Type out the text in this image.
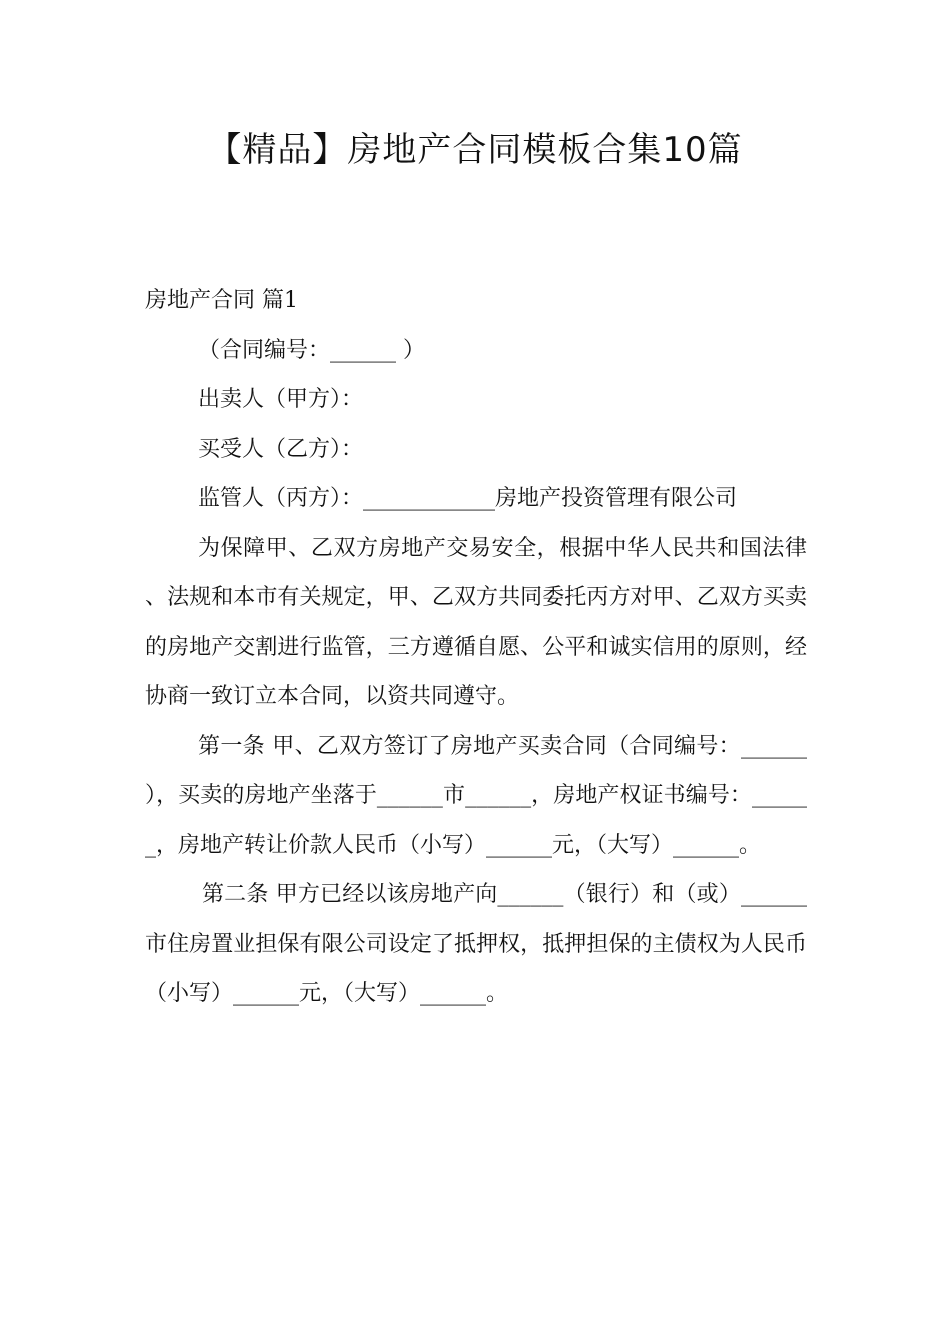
【精品】房地产合同模板合集10篇

房地产合同 篇1

（合同编号：______ ）

出卖人（甲方）：

买受人（乙方）：

监管人（丙方）：____________房地产投资管理有限公司

为保障甲、乙双方房地产交易安全，根据中华人民共和国法律、法规和本市有关规定，甲、乙双方共同委托丙方对甲、乙双方买卖的房地产交割进行监管，三方遵循自愿、公平和诚实信用的原则，经协商一致订立本合同，以资共同遵守。

第一条 甲、乙双方签订了房地产买卖合同（合同编号：______），买卖的房地产坐落于______市______，房地产权证书编号：______，房地产转让价款人民币（小写）______元，（大写）______。

第二条 甲方已经以该房地产向______（银行）和（或）______市住房置业担保有限公司设定了抵押权，抵押担保的主债权为人民币（小写）______元，（大写）______。
